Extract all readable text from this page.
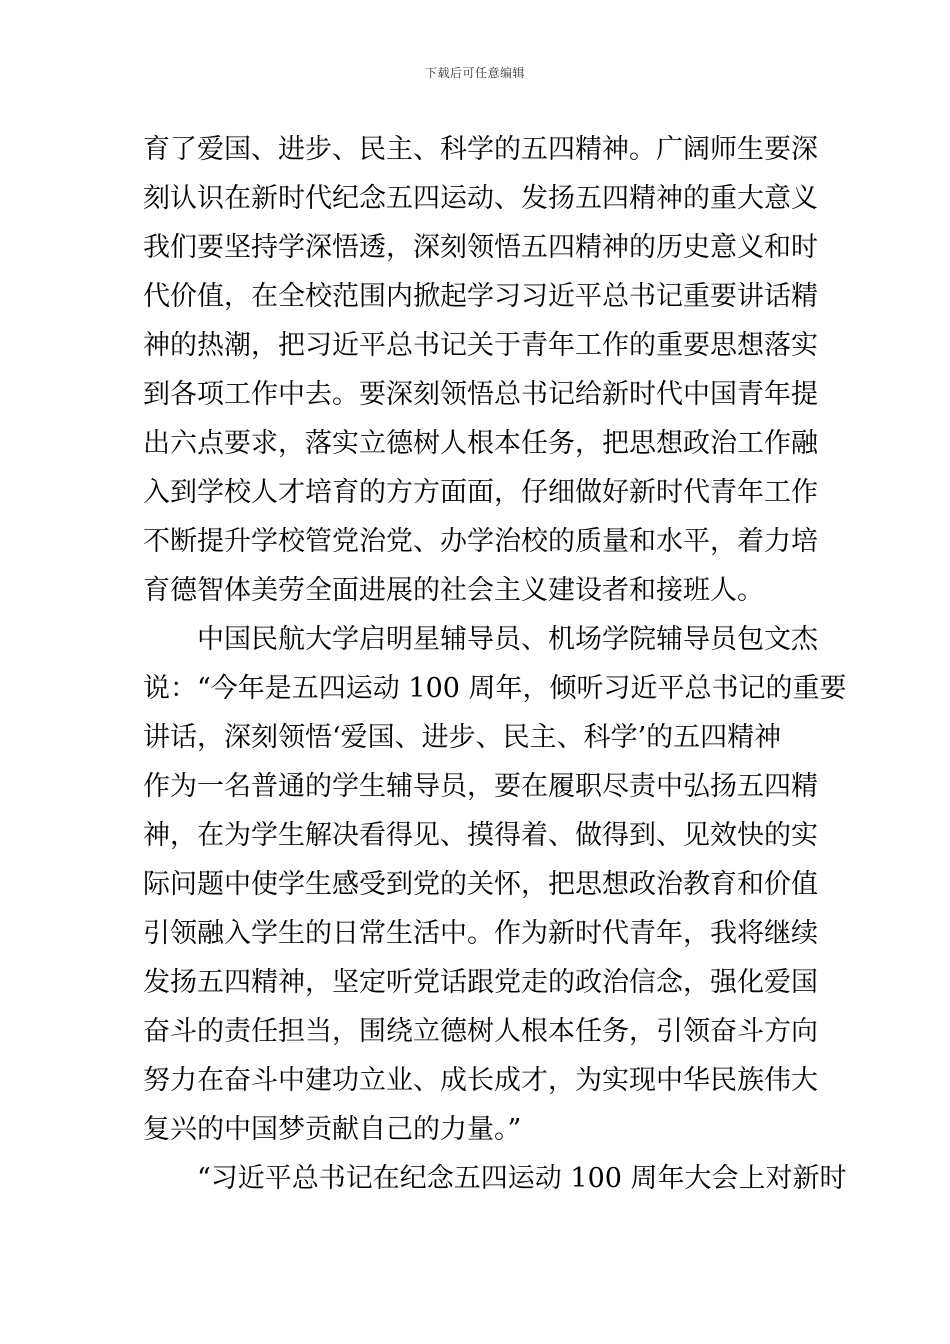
下载后可任意编辑
育了爱国、进步、民主、科学的五四精神。广阔师生要深
刻认识在新时代纪念五四运动、发扬五四精神的重大意义
我们要坚持学深悟透，深刻领悟五四精神的历史意义和时
代价值，在全校范围内掀起学习习近平总书记重要讲话精
神的热潮，把习近平总书记关于青年工作的重要思想落实
到各项工作中去。要深刻领悟总书记给新时代中国青年提
出六点要求，落实立德树人根本任务，把思想政治工作融
入到学校人才培育的方方面面，仔细做好新时代青年工作
不断提升学校管党治党、办学治校的质量和水平，着力培
育德智体美劳全面进展的社会主义建设者和接班人。
　　中国民航大学启明星辅导员、机场学院辅导员包文杰
说：“今年是五四运动 100 周年，倾听习近平总书记的重要
讲话，深刻领悟‘爱国、进步、民主、科学’的五四精神
作为一名普通的学生辅导员，要在履职尽责中弘扬五四精
神，在为学生解决看得见、摸得着、做得到、见效快的实
际问题中使学生感受到党的关怀，把思想政治教育和价值
引领融入学生的日常生活中。作为新时代青年，我将继续
发扬五四精神，坚定听党话跟党走的政治信念，强化爱国
奋斗的责任担当，围绕立德树人根本任务，引领奋斗方向
努力在奋斗中建功立业、成长成才，为实现中华民族伟大
复兴的中国梦贡献自己的力量。”
　　“习近平总书记在纪念五四运动 100 周年大会上对新时
